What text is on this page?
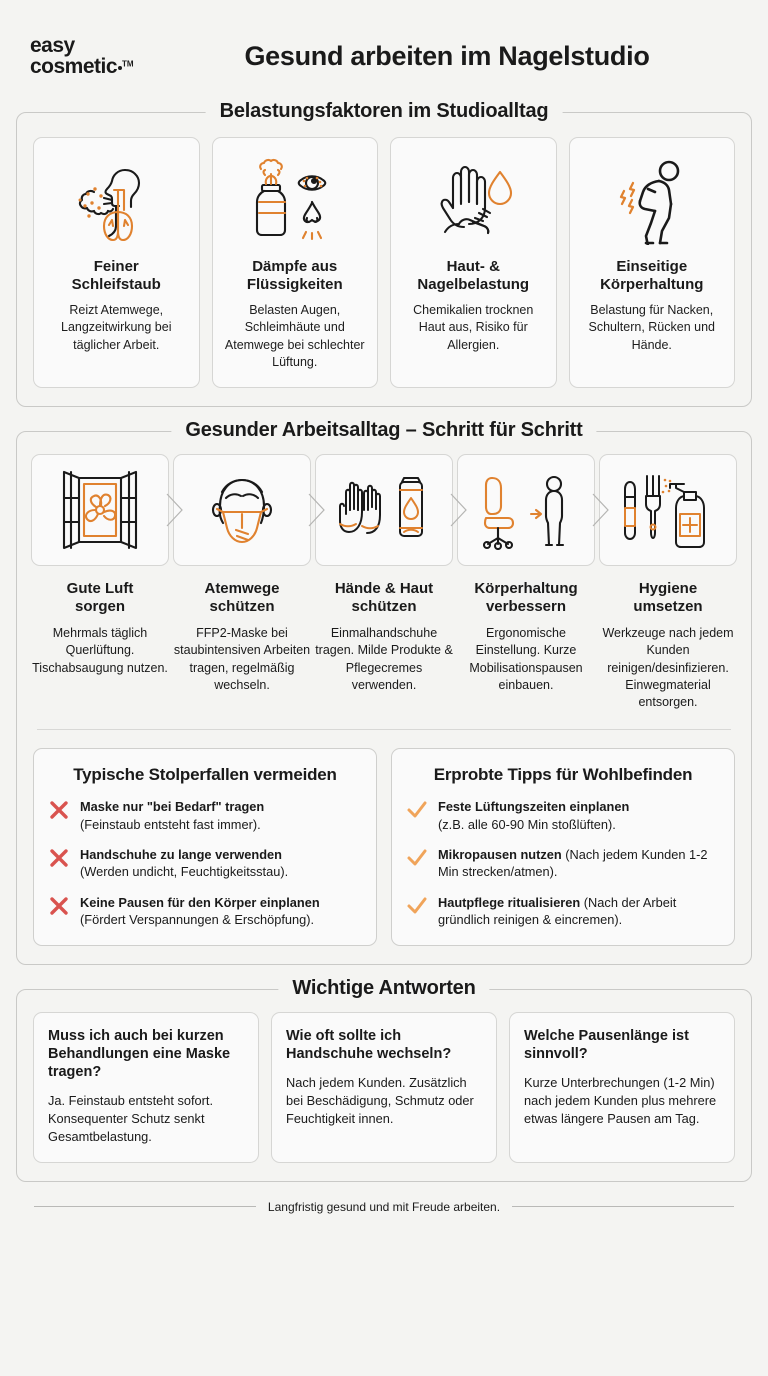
easy
cosmetic ™	Gesund arbeiten im Nagelstudio
Belastungsfaktoren im Studioalltag
Feiner
Schleifstaub
Reizt Atemwege, Langzeitwirkung bei täglicher Arbeit.
Dämpfe aus
Flüssigkeiten
Belasten Augen, Schleimhäute und Atemwege bei schlechter Lüftung.
Haut- &
Nagelbelastung
Chemikalien trocknen Haut aus, Risiko für Allergien.
Einseitige
Körperhaltung
Belastung für Nacken, Schultern, Rücken und Hände.
Gesunder Arbeitsalltag – Schritt für Schritt
Gute Luft
sorgen
Mehrmals täglich Querlüftung. Tischabsaugung nutzen.
Atemwege
schützen
FFP2-Maske bei staubintensiven Arbeiten tragen, regelmäßig wechseln.
Hände & Haut
schützen
Einmalhandschuhe tragen. Milde Produkte & Pflegecremes verwenden.
Körperhaltung
verbessern
Ergonomische Einstellung. Kurze Mobilisationspausen einbauen.
Hygiene
umsetzen
Werkzeuge nach jedem Kunden reinigen/desinfizieren. Einwegmaterial entsorgen.
Typische Stolperfallen vermeiden
Maske nur "bei Bedarf" tragen
(Feinstaub entsteht fast immer).
Handschuhe zu lange verwenden
(Werden undicht, Feuchtigkeitsstau).
Keine Pausen für den Körper einplanen
(Fördert Verspannungen & Erschöpfung).
Erprobte Tipps für Wohlbefinden
Feste Lüftungszeiten einplanen
(z.B. alle 60-90 Min stoßlüften).
Mikropausen nutzen (Nach jedem Kunden 1-2 Min strecken/atmen).
Hautpflege ritualisieren (Nach der Arbeit gründlich reinigen & eincremen).
Wichtige Antworten
Muss ich auch bei kurzen Behandlungen eine Maske tragen?
Ja. Feinstaub entsteht sofort. Konsequenter Schutz senkt Gesamtbelastung.
Wie oft sollte ich Handschuhe wechseln?
Nach jedem Kunden. Zusätzlich bei Beschädigung, Schmutz oder Feuchtigkeit innen.
Welche Pausenlänge ist sinnvoll?
Kurze Unterbrechungen (1-2 Min) nach jedem Kunden plus mehrere etwas längere Pausen am Tag.
Langfristig gesund und mit Freude arbeiten.
